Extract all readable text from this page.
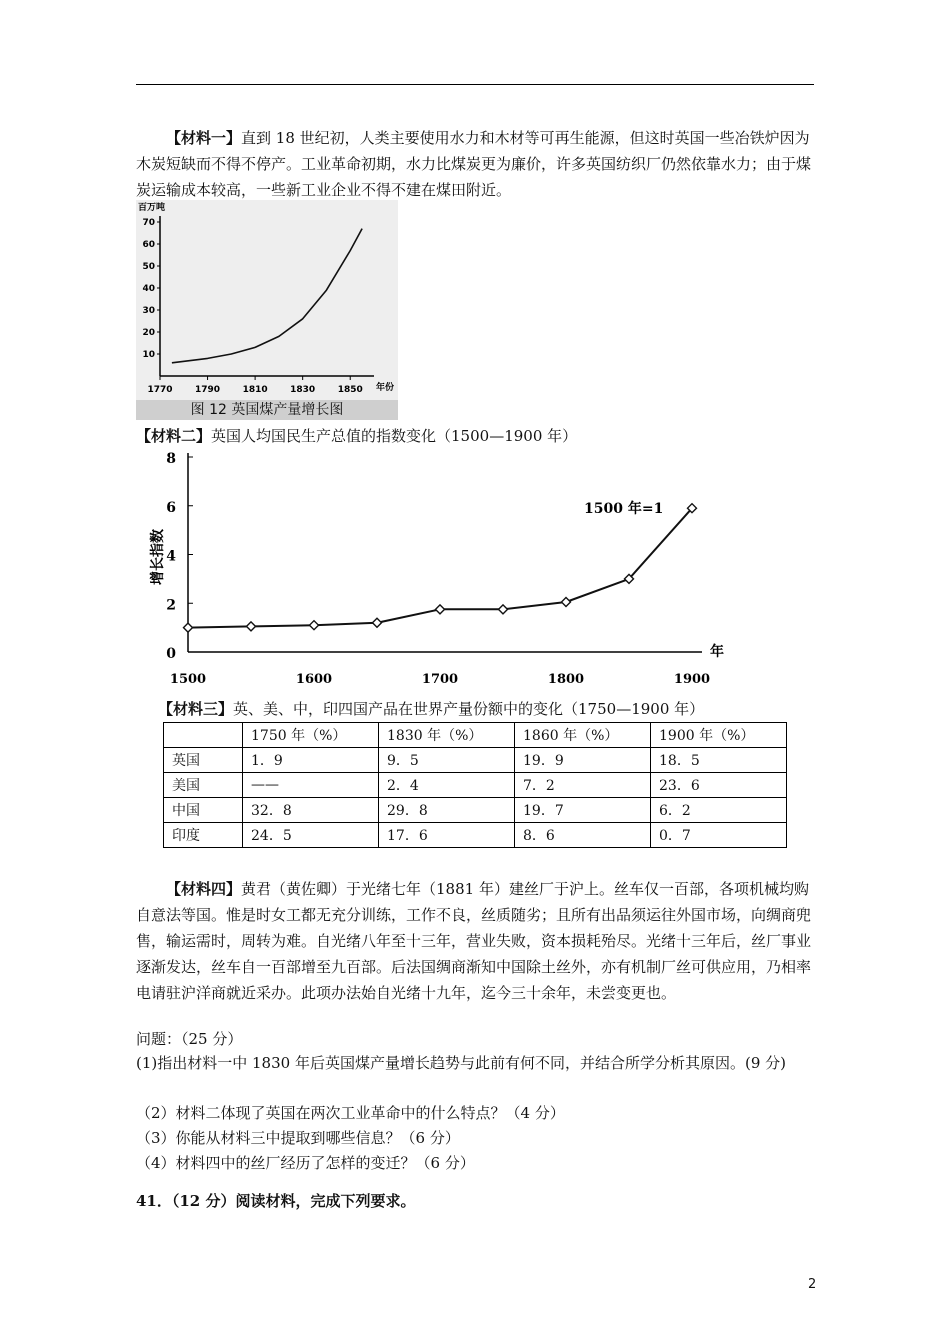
【材料一】直到 18 世纪初，人类主要使用水力和木材等可再生能源，但这时英国一些冶铁炉因为木炭短缺而不得不停产。工业革命初期，水力比煤炭更为廉价，许多英国纺织厂仍然依靠水力；由于煤炭运输成本较高，一些新工业企业不得不建在煤田附近。

百万吨
年份
10
20
30
40
50
60
70
1770 1790 1810 1830 1850
图 12 英国煤产量增长图

【材料二】英国人均国民生产总值的指数变化（1500—1900 年）

0
2
4
6
8
1500	1600	1700	1800	1900
增长指数
年
1500 年=1

【材料三】英、美、中，印四国产品在世界产量份额中的变化（1750—1900 年）

	1750 年（%）	1830 年（%）	1860 年（%）	1900 年（%）
英国	1．9	9．5	19．9	18．5
美国	——	2．4	7．2	23．6
中国	32．8	29．8	19．7	6．2
印度	24．5	17．6	8．6	0．7

【材料四】黄君（黄佐卿）于光绪七年（1881 年）建丝厂于沪上。丝车仅一百部，各项机械均购自意法等国。惟是时女工都无充分训练，工作不良，丝质随劣；且所有出品须运往外国市场，向绸商兜售，输运需时，周转为难。自光绪八年至十三年，营业失败，资本损耗殆尽。光绪十三年后，丝厂事业逐渐发达，丝车自一百部增至九百部。后法国绸商渐知中国除土丝外，亦有机制厂丝可供应用，乃相率电请驻沪洋商就近采办。此项办法始自光绪十九年，迄今三十余年，未尝变更也。

问题：（25 分）

(1)指出材料一中 1830 年后英国煤产量增长趋势与此前有何不同，并结合所学分析其原因。(9 分)

（2）材料二体现了英国在两次工业革命中的什么特点？（4 分）

（3）你能从材料三中提取到哪些信息？（6 分）

（4）材料四中的丝厂经历了怎样的变迁？（6 分）

41．（12 分）阅读材料，完成下列要求。

2
